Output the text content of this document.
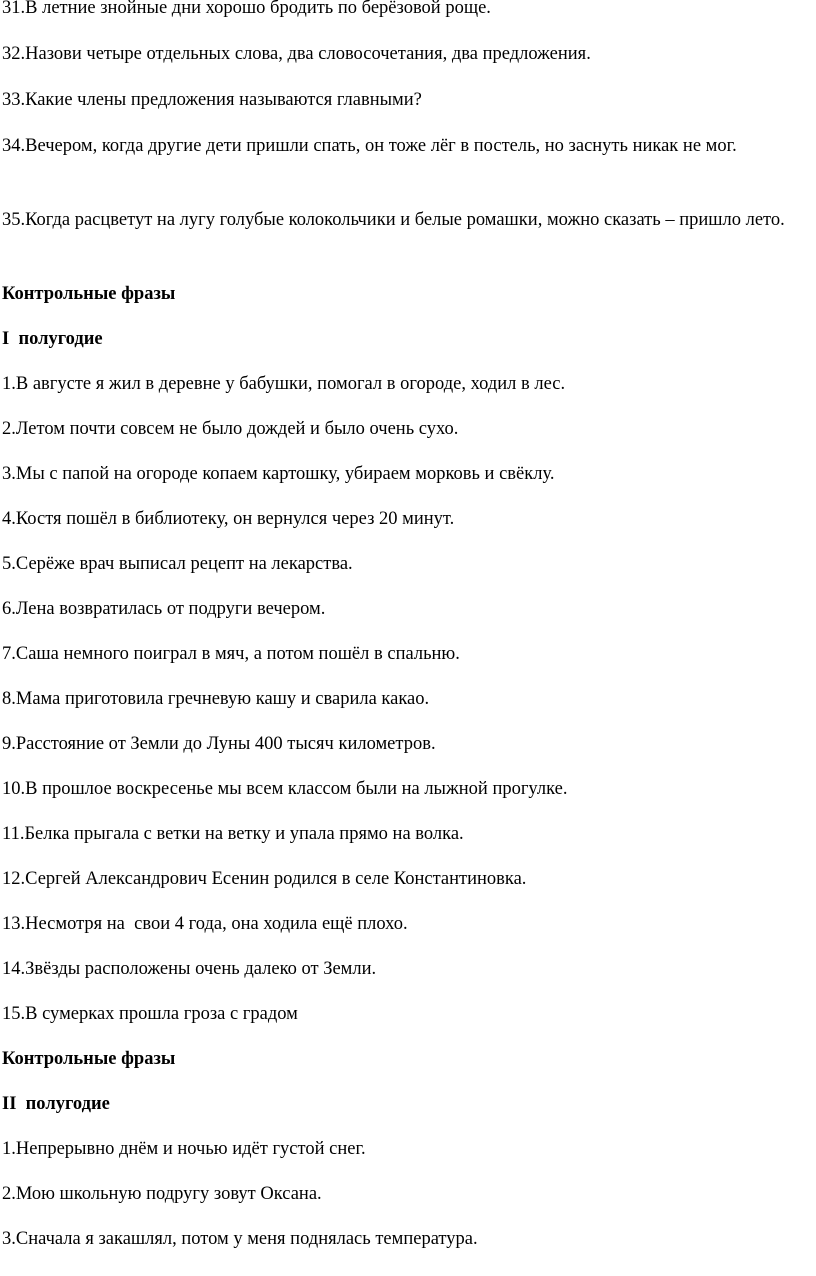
31.В летние знойные дни хорошо бродить по берёзовой роще.

32.Назови четыре отдельных слова, два словосочетания, два предложения.

33.Какие члены предложения называются главными?

34.Вечером, когда другие дети пришли спать, он тоже лёг в постель, но заснуть никак не мог.

35.Когда расцветут на лугу голубые колокольчики и белые ромашки, можно сказать – пришло лето.

Контрольные фразы

I  полугодие

1.В августе я жил в деревне у бабушки, помогал в огороде, ходил в лес.

2.Летом почти совсем не было дождей и было очень сухо.

3.Мы с папой на огороде копаем картошку, убираем морковь и свёклу.

4.Костя пошёл в библиотеку, он вернулся через 20 минут.

5.Серёже врач выписал рецепт на лекарства.

6.Лена возвратилась от подруги вечером.

7.Саша немного поиграл в мяч, а потом пошёл в спальню.

8.Мама приготовила гречневую кашу и сварила какао.

9.Расстояние от Земли до Луны 400 тысяч километров.

10.В прошлое воскресенье мы всем классом были на лыжной прогулке.

11.Белка прыгала с ветки на ветку и упала прямо на волка.

12.Сергей Александрович Есенин родился в селе Константиновка.

13.Несмотря на  свои 4 года, она ходила ещё плохо.

14.Звёзды расположены очень далеко от Земли.

15.В сумерках прошла гроза с градом

Контрольные фразы

II  полугодие

1.Непрерывно днём и ночью идёт густой снег.

2.Мою школьную подругу зовут Оксана.

3.Сначала я закашлял, потом у меня поднялась температура.
